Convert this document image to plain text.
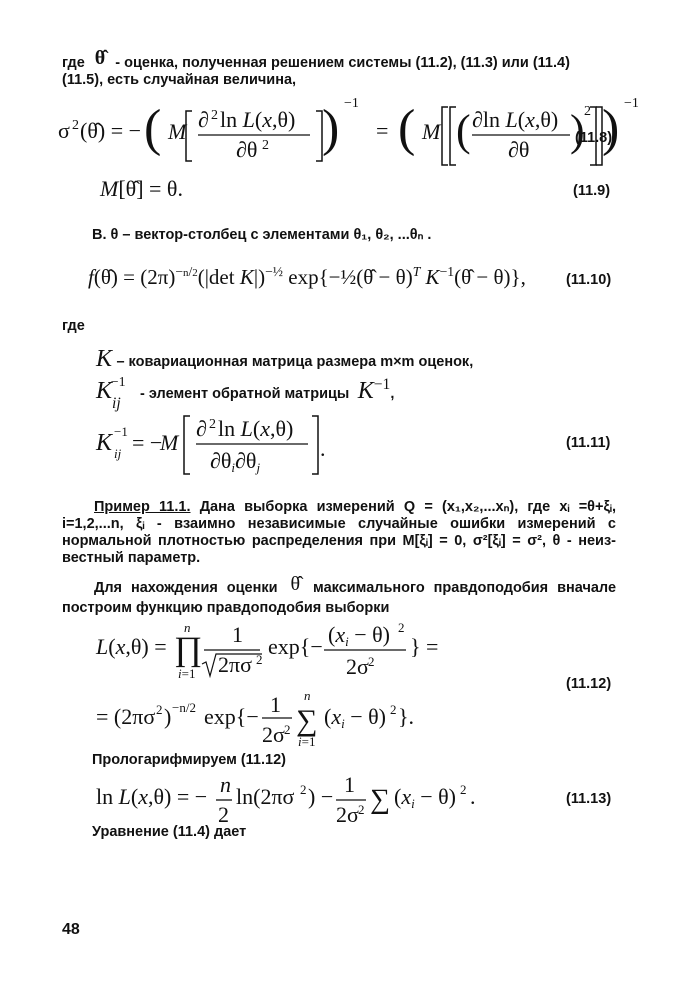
где θ̂ - оценка, полученная решением системы (11.2), (11.3) или (11.4)
(11.5), есть случайная величина,
σ 2 (θ̂) = − ( M ∂ 2 ln L(x,θ)
∂θ 2 ) −1
= ( M ( ∂ln L(x,θ)
∂θ ) 2 ) −1
(11.8)
M[θ̂] = θ.	(11.9)
В. θ – вектор-столбец с элементами θ₁, θ₂, ...θₙ .
f(θ̂) = $(2\pi)^{-n/2}(|\det$ K|)$^{-\frac{1}{2}}$ exp{−½(θ̂ − θ)$^T$ $K^{-1}(\thetâ - \theta)$},	(11.10)
где
K – ковариационная матрица размера m×m оценок,
$K_{ij}-1$ - элемент обратной матрицы $K^{-1}$,
K ij
−1 = −
M
∂ 2 ln L(x,θ)
∂θi∂θj
.	(11.11)
Пример 11.1. Дана выборка измерений Q = (x₁,x₂,...xₙ), где xᵢ =θ+ξᵢ,
i=1,2,...n, ξᵢ - взаимно независимые случайные ошибки измерений с
нормальной плотностью распределения при M[ξᵢ] = 0, σ²[ξᵢ] = σ², θ - неиз-
вестный параметр.
Для нахождения оценки θ̂ максимального правдоподобия вначале
построим функцию правдоподобия выборки
L(x,θ) = ∏
n
i=1
1
2πσ 2
exp{− (xi − θ) 2
2σ 2
} =
= (2πσ 2 ) −n/2 exp{− 1
2σ 2 ∑
n
i=1
(xi − θ) 2 }.
(11.12)
Прологарифмируем (11.12)
ln L(x,θ) = − n
2
ln(2πσ 2 ) − 1
2σ 2 ∑ (xi − θ) 2 .	(11.13)
Уравнение (11.4) дает
48
